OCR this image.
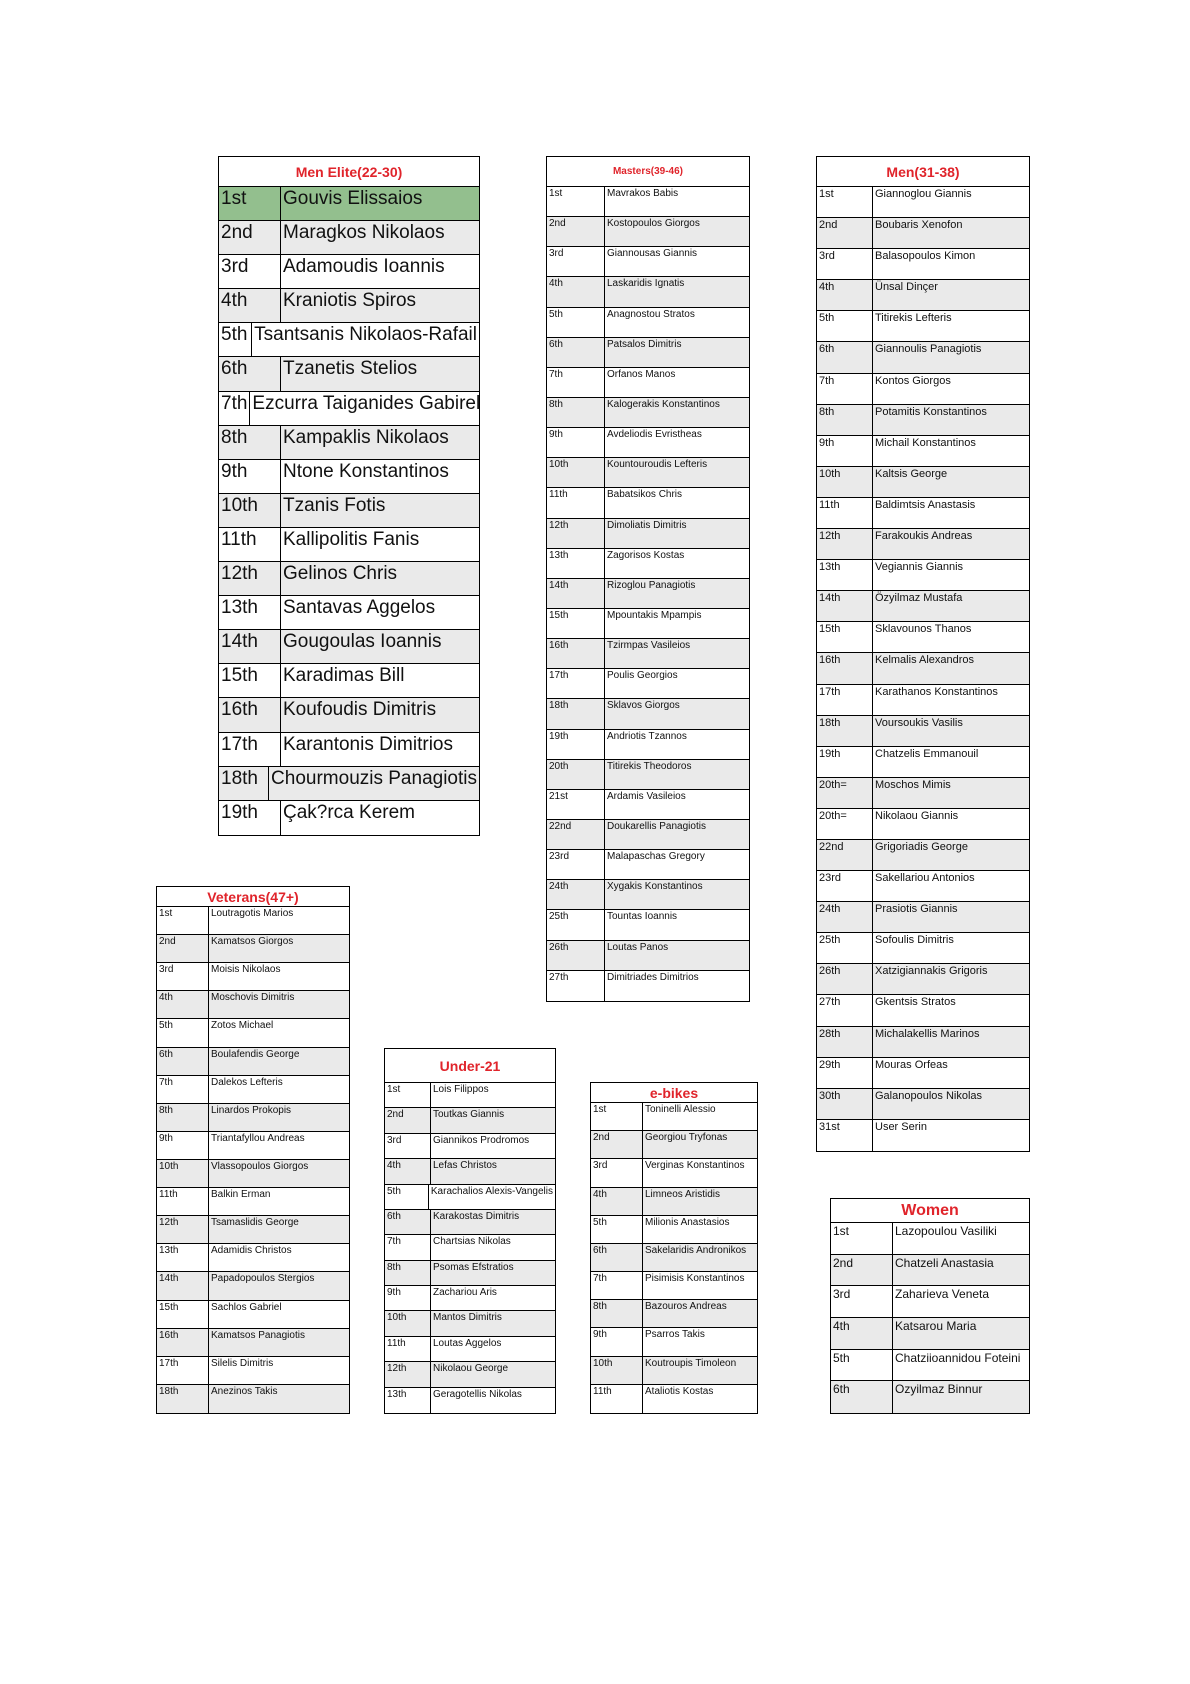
Men Elite(22-30)
1st	Gouvis Elissaios
2nd	Maragkos Nikolaos
3rd	Adamoudis Ioannis
4th	Kraniotis Spiros
5th Tsantsanis Nikolaos-Rafail
6th	Tzanetis Stelios
7th Ezcurra Taiganides Gabirel
8th	Kampaklis Nikolaos
9th	Ntone Konstantinos
10th	Tzanis Fotis
11th	Kallipolitis Fanis
12th	Gelinos Chris
13th	Santavas Aggelos
14th	Gougoulas Ioannis
15th	Karadimas Bill
16th	Koufoudis Dimitris
17th	Karantonis Dimitrios
18th Chourmouzis Panagiotis
19th	Çak?rca Kerem
Masters(39-46)
1st	Mavrakos Babis
2nd	Kostopoulos Giorgos
3rd	Giannousas Giannis
4th	Laskaridis Ignatis
5th	Anagnostou Stratos
6th	Patsalos Dimitris
7th	Orfanos Manos
8th	Kalogerakis Konstantinos
9th	Avdeliodis Evristheas
10th	Kountouroudis Lefteris
11th	Babatsikos Chris
12th	Dimoliatis Dimitris
13th	Zagorisos Kostas
14th	Rizoglou Panagiotis
15th	Mpountakis Mpampis
16th	Tzirmpas Vasileios
17th	Poulis Georgios
18th	Sklavos Giorgos
19th	Andriotis Tzannos
20th	Titirekis Theodoros
21st	Ardamis Vasileios
22nd	Doukarellis Panagiotis
23rd	Malapaschas Gregory
24th	Xygakis Konstantinos
25th	Tountas Ioannis
26th	Loutas Panos
27th	Dimitriades Dimitrios
Men(31-38)
1st	Giannoglou Giannis
2nd	Boubaris Xenofon
3rd	Balasopoulos Kimon
4th	Ünsal Dinçer
5th	Titirekis Lefteris
6th	Giannoulis Panagiotis
7th	Kontos Giorgos
8th	Potamitis Konstantinos
9th	Michail Konstantinos
10th	Kaltsis George
11th	Baldimtsis Anastasis
12th	Farakoukis Andreas
13th	Vegiannis Giannis
14th	Özyilmaz Mustafa
15th	Sklavounos Thanos
16th	Kelmalis Alexandros
17th	Karathanos Konstantinos
18th	Voursoukis Vasilis
19th	Chatzelis Emmanouil
20th=	Moschos Mimis
20th=	Nikolaou Giannis
22nd	Grigoriadis George
23rd	Sakellariou Antonios
24th	Prasiotis Giannis
25th	Sofoulis Dimitris
26th	Xatzigiannakis Grigoris
27th	Gkentsis Stratos
28th	Michalakellis Marinos
29th	Mouras Orfeas
30th	Galanopoulos Nikolas
31st	User Serin
Veterans(47+)
1st	Loutragotis Marios
2nd	Kamatsos Giorgos
3rd	Moisis Nikolaos
4th	Moschovis Dimitris
5th	Zotos Michael
6th	Boulafendis George
7th	Dalekos Lefteris
8th	Linardos Prokopis
9th	Triantafyllou Andreas
10th	Vlassopoulos Giorgos
11th	Balkin Erman
12th	Tsamaslidis George
13th	Adamidis Christos
14th	Papadopoulos Stergios
15th	Sachlos Gabriel
16th	Kamatsos Panagiotis
17th	Silelis Dimitris
18th	Anezinos Takis
Under-21
1st	Lois Filippos
2nd	Toutkas Giannis
3rd	Giannikos Prodromos
4th	Lefas Christos
5th	Karachalios Alexis-Vangelis
6th	Karakostas Dimitris
7th	Chartsias Nikolas
8th	Psomas Efstratios
9th	Zachariou Aris
10th	Mantos Dimitris
11th	Loutas Aggelos
12th	Nikolaou George
13th	Geragotellis Nikolas
e-bikes
1st	Toninelli Alessio
2nd	Georgiou Tryfonas
3rd	Verginas Konstantinos
4th	Limneos Aristidis
5th	Milionis Anastasios
6th	Sakelaridis Andronikos
7th	Pisimisis Konstantinos
8th	Bazouros Andreas
9th	Psarros Takis
10th	Koutroupis Timoleon
11th	Ataliotis Kostas
Women
1st	Lazopoulou Vasiliki
2nd	Chatzeli Anastasia
3rd	Zaharieva Veneta
4th	Katsarou Maria
5th	Chatziioannidou Foteini
6th	Ozyilmaz Binnur
